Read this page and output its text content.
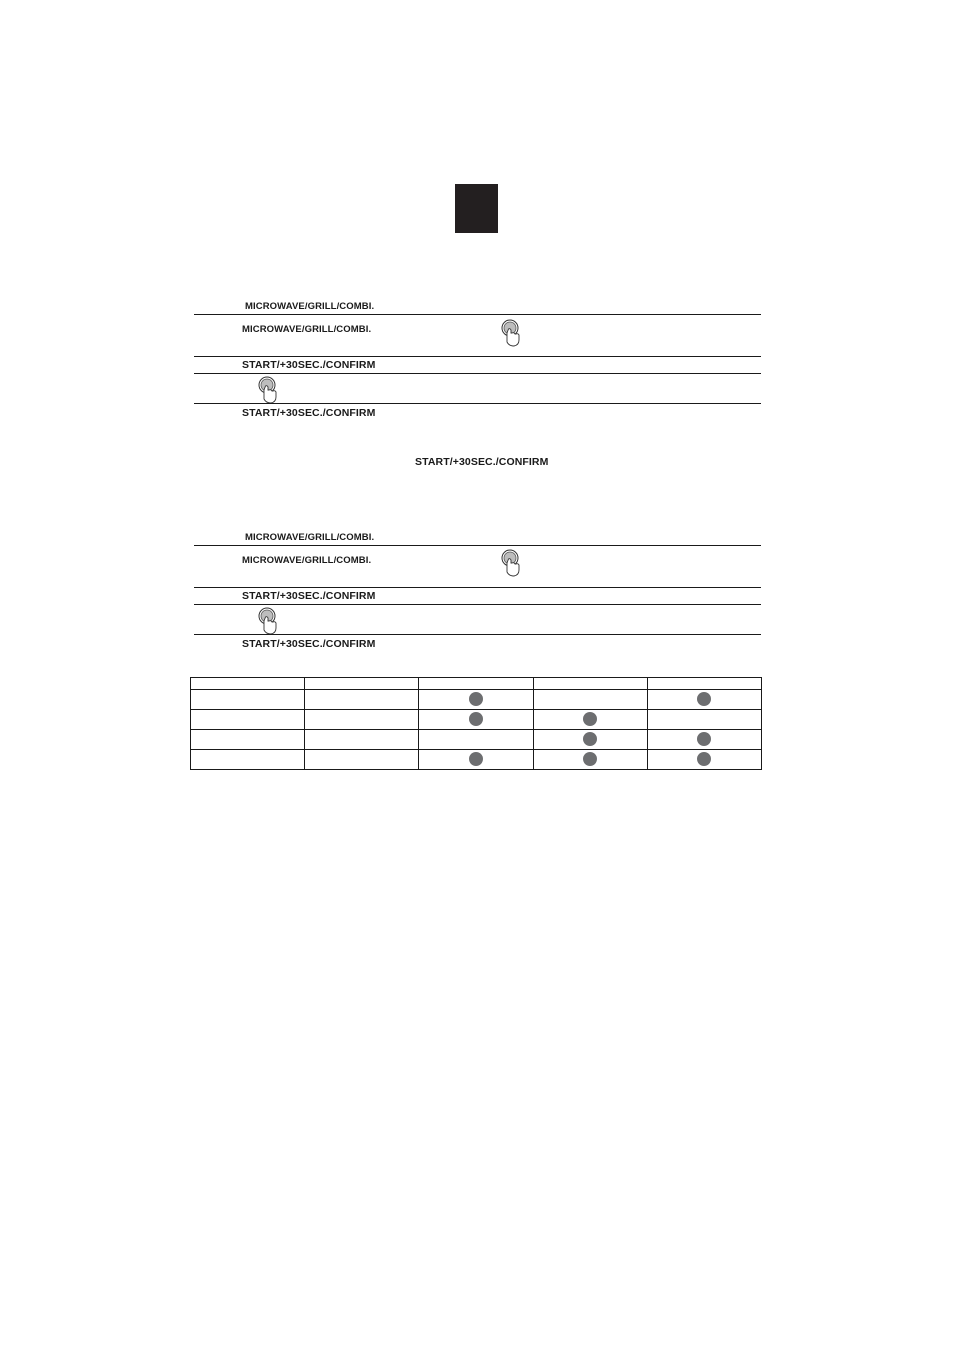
MICROWAVE/GRILL/COMBI.
MICROWAVE/GRILL/COMBI.
START/+30SEC./CONFIRM
START/+30SEC./CONFIRM
START/+30SEC./CONFIRM
MICROWAVE/GRILL/COMBI.
MICROWAVE/GRILL/COMBI.
START/+30SEC./CONFIRM
START/+30SEC./CONFIRM
